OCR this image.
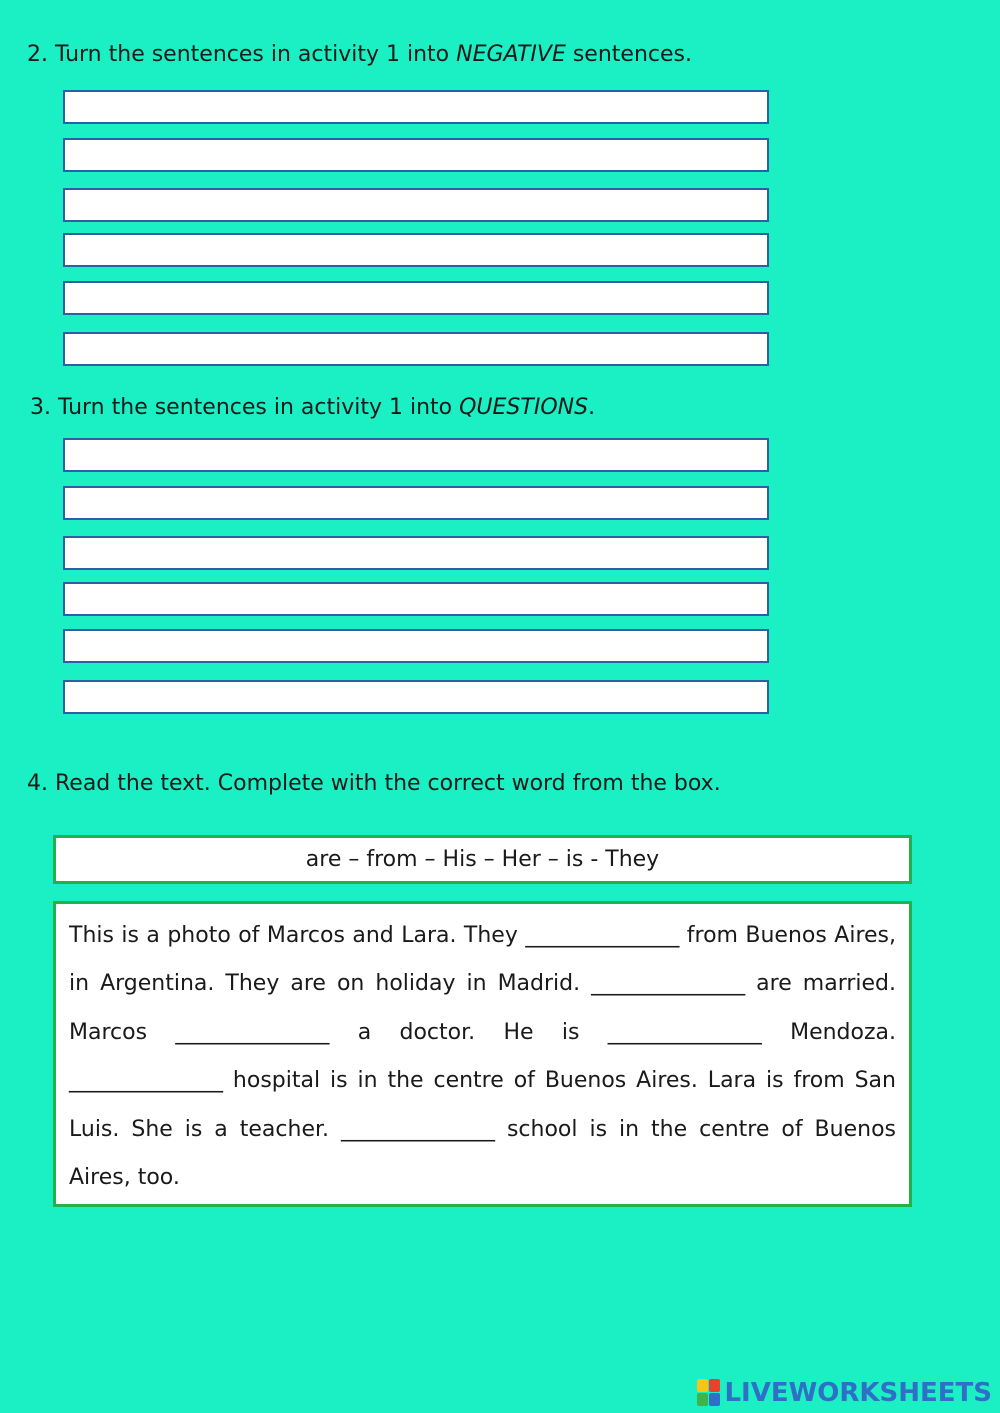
2. Turn the sentences in activity 1 into NEGATIVE sentences.
3. Turn the sentences in activity 1 into QUESTIONS.
4. Read the text. Complete with the correct word from the box.
are – from – His – Her – is - They
This is a photo of Marcos and Lara. They ______________ from Buenos Aires, in Argentina. They are on holiday in Madrid. ______________ are married. Marcos ______________ a doctor. He is ______________ Mendoza. ______________ hospital is in the centre of Buenos Aires. Lara is from San Luis. She is a teacher. ______________ school is in the centre of Buenos Aires, too.
LIVEWORKSHEETS
